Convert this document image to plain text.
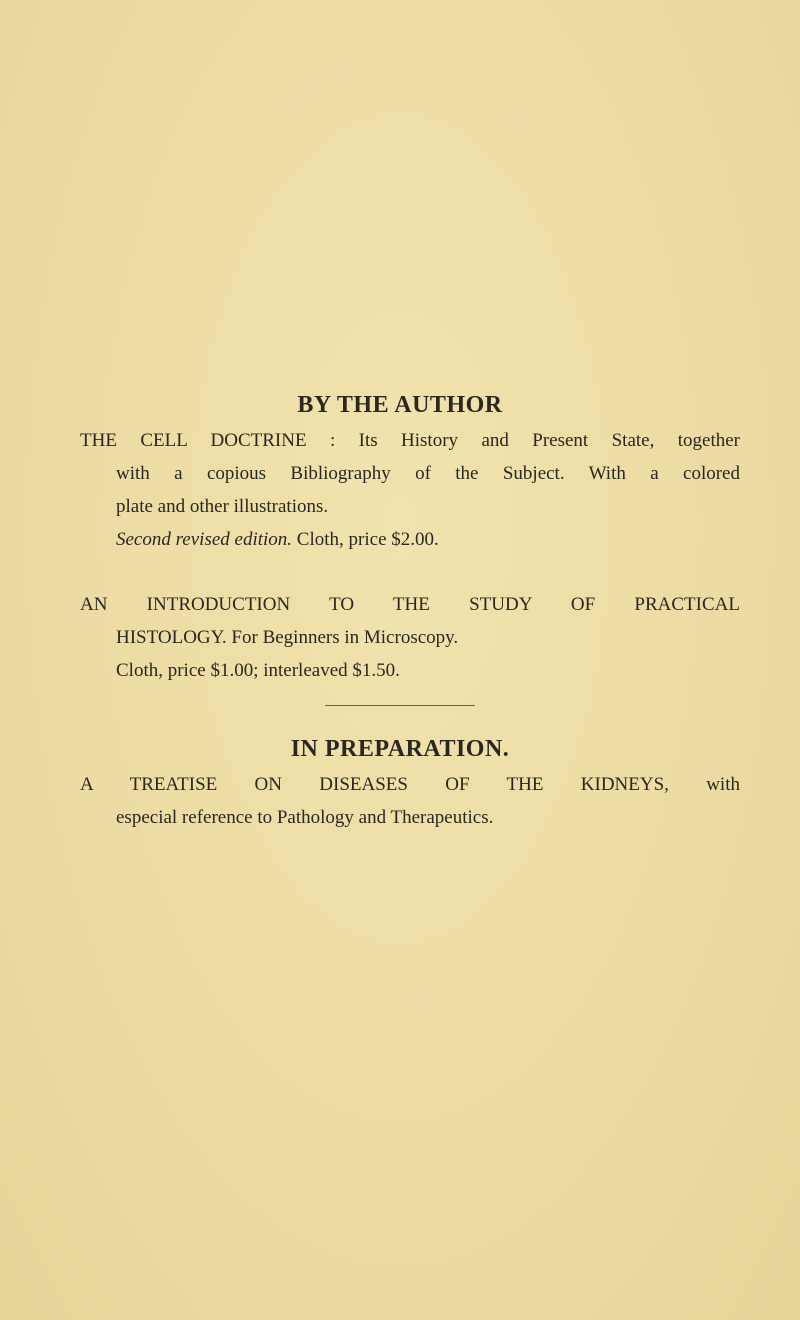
BY THE AUTHOR
THE CELL DOCTRINE : Its History and Present State, together
with a copious Bibliography of the Subject. With a colored
plate and other illustrations.
Second revised edition. Cloth, price $2.00.
AN INTRODUCTION TO THE STUDY OF PRACTICAL
HISTOLOGY. For Beginners in Microscopy.
Cloth, price $1.00; interleaved $1.50.
IN PREPARATION.
A TREATISE ON DISEASES OF THE KIDNEYS, with
especial reference to Pathology and Therapeutics.
